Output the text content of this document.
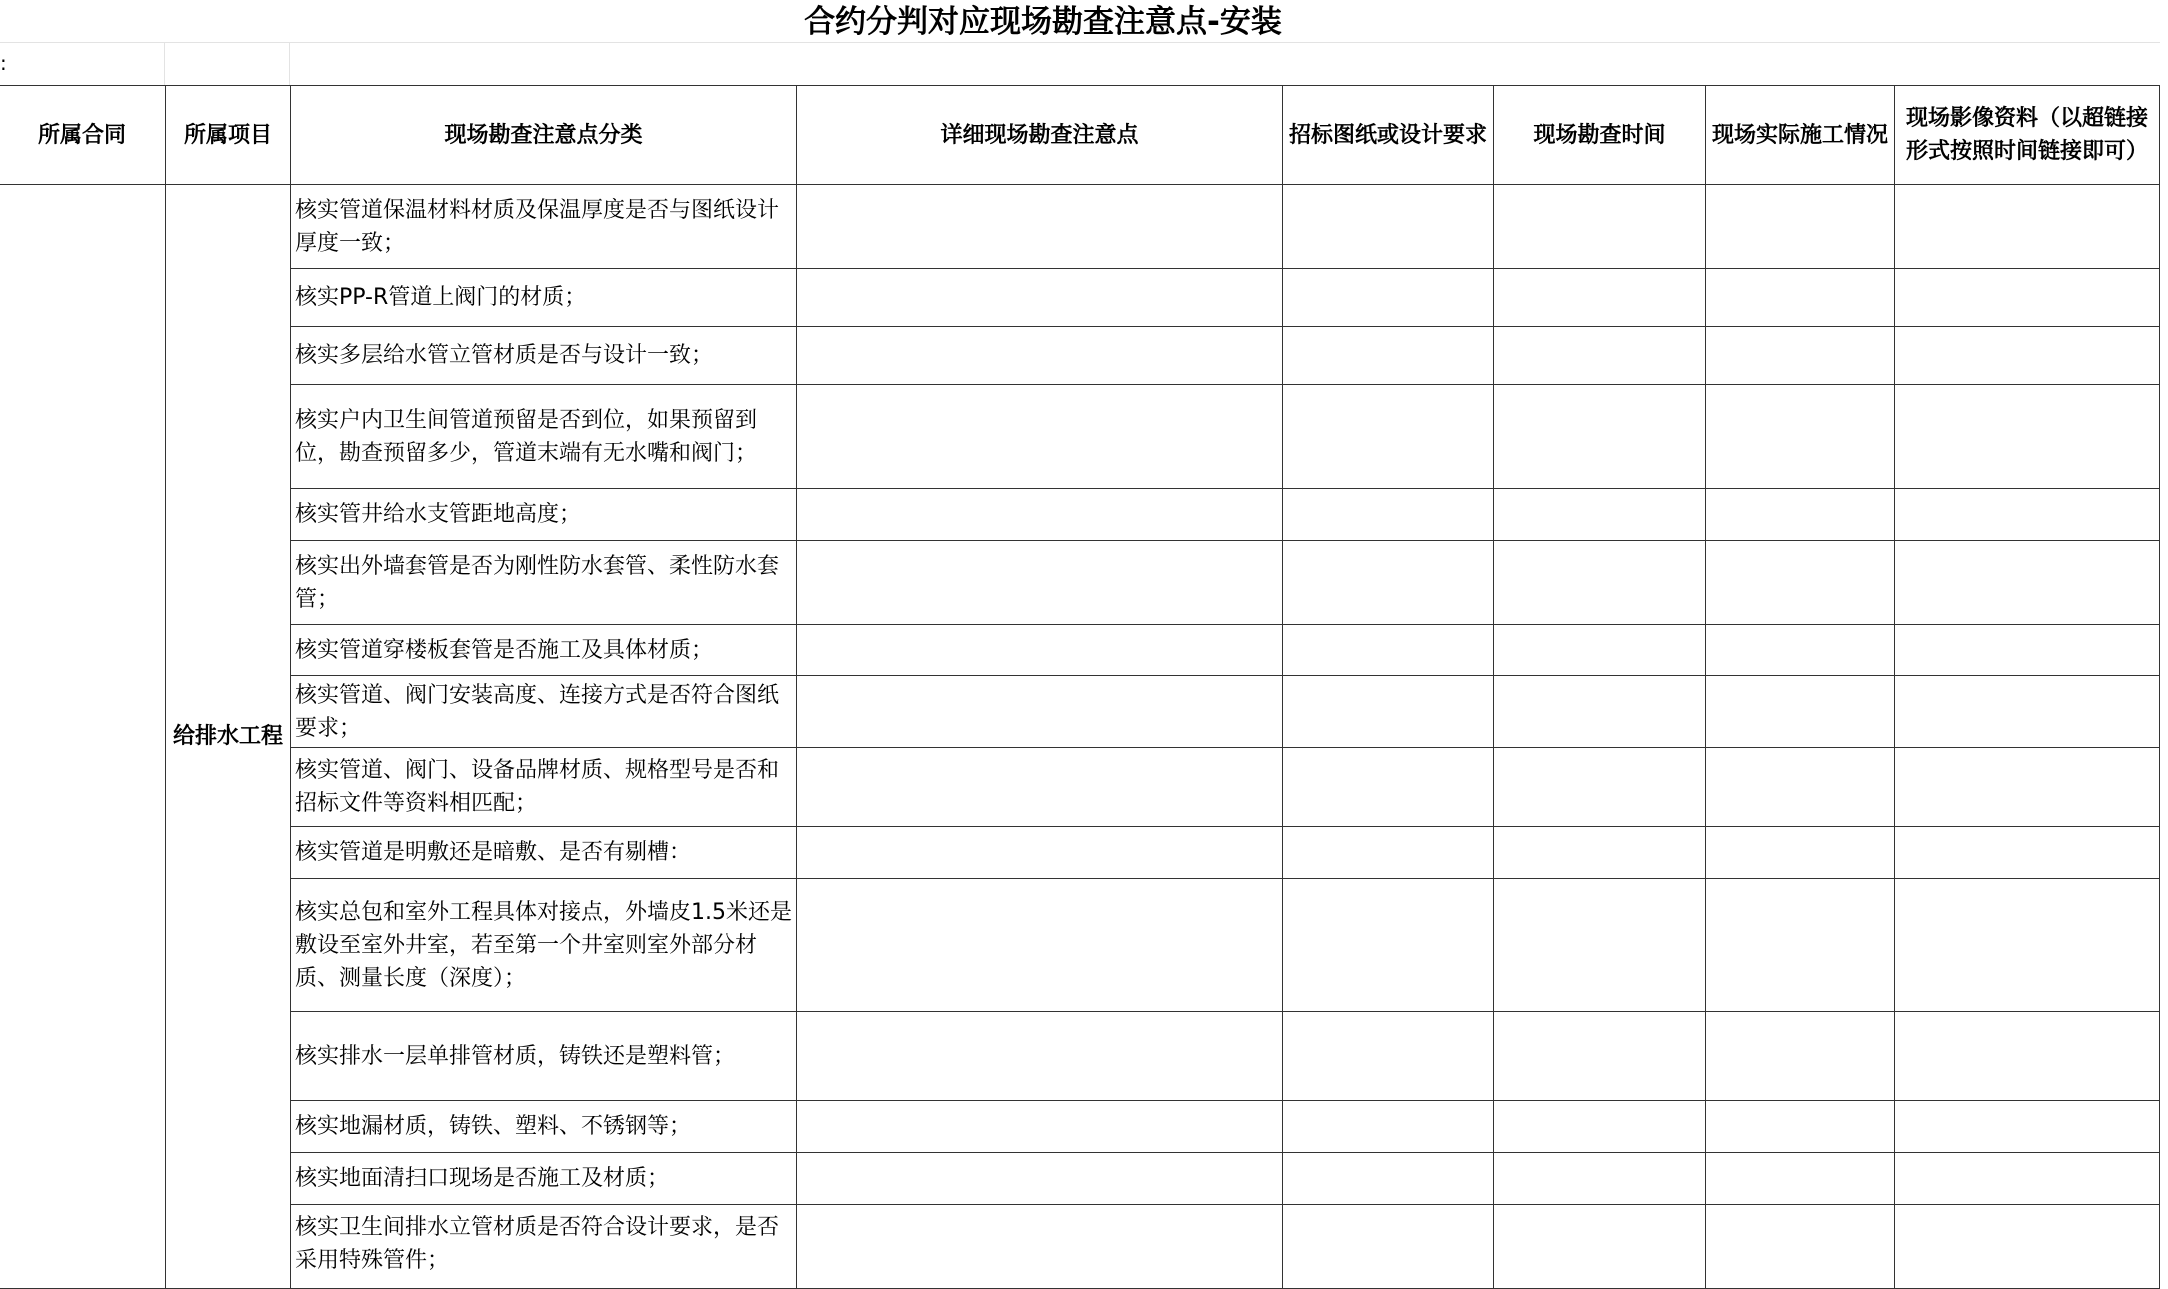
合约分判对应现场勘查注意点-安装
:
所属合同	所属项目	现场勘查注意点分类	详细现场勘查注意点	招标图纸或设计要求	现场勘查时间	现场实际施工情况	现场影像资料（以超链接形式按照时间链接即可）
	给排水工程	核实管道保温材料材质及保温厚度是否与图纸设计厚度一致；					
		核实PP-R管道上阀门的材质；					
		核实多层给水管立管材质是否与设计一致；					
		核实户内卫生间管道预留是否到位，如果预留到位，勘查预留多少，管道末端有无水嘴和阀门；					
		核实管井给水支管距地高度；					
		核实出外墙套管是否为刚性防水套管、柔性防水套管；					
		核实管道穿楼板套管是否施工及具体材质；					
		核实管道、阀门安装高度、连接方式是否符合图纸要求；					
		核实管道、阀门、设备品牌材质、规格型号是否和招标文件等资料相匹配；					
		核实管道是明敷还是暗敷、是否有剔槽：					
		核实总包和室外工程具体对接点，外墙皮1.5米还是敷设至室外井室，若至第一个井室则室外部分材质、测量长度（深度）；					
		核实排水一层单排管材质，铸铁还是塑料管；					
		核实地漏材质，铸铁、塑料、不锈钢等；					
		核实地面清扫口现场是否施工及材质；					
		核实卫生间排水立管材质是否符合设计要求，是否采用特殊管件；					
